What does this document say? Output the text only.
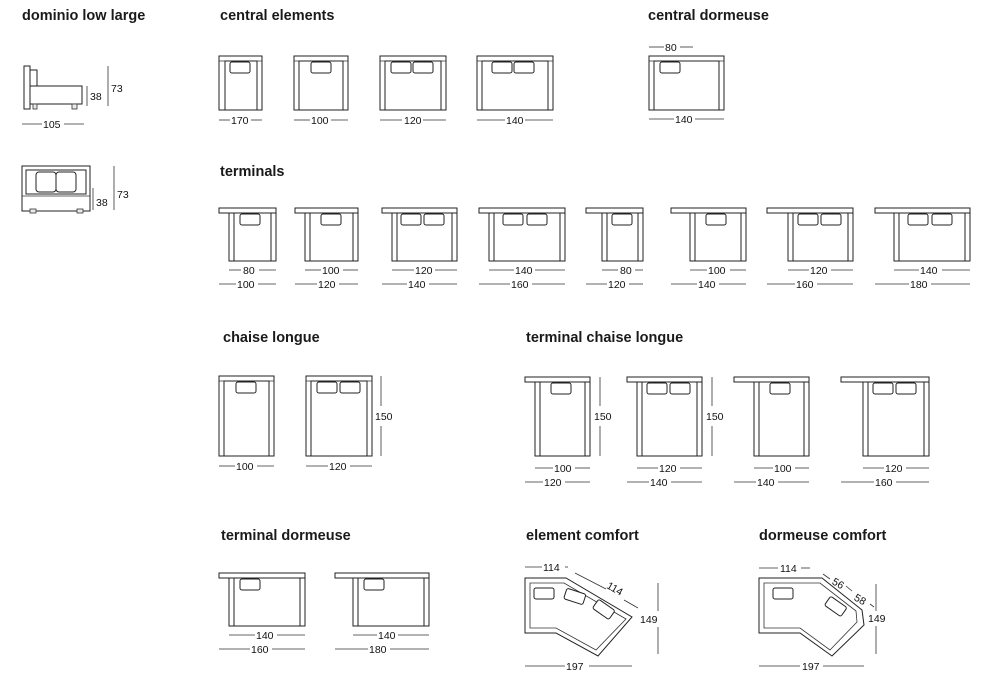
dominio low large	central elements	central dormeuse
terminals
chaise longue	terminal chaise longue
terminal dormeuse	element comfort	dormeuse comfort
105
38
73
38
73
170	100	120	140
80
140
80
100
100
120
120
140
140
160
80
120
100
140
120
160
140
180
100	120
150
100
120
120
140
100
140
120
160
150	150
140
160
140
180
114
114
149
197
114
56
58
149
197
